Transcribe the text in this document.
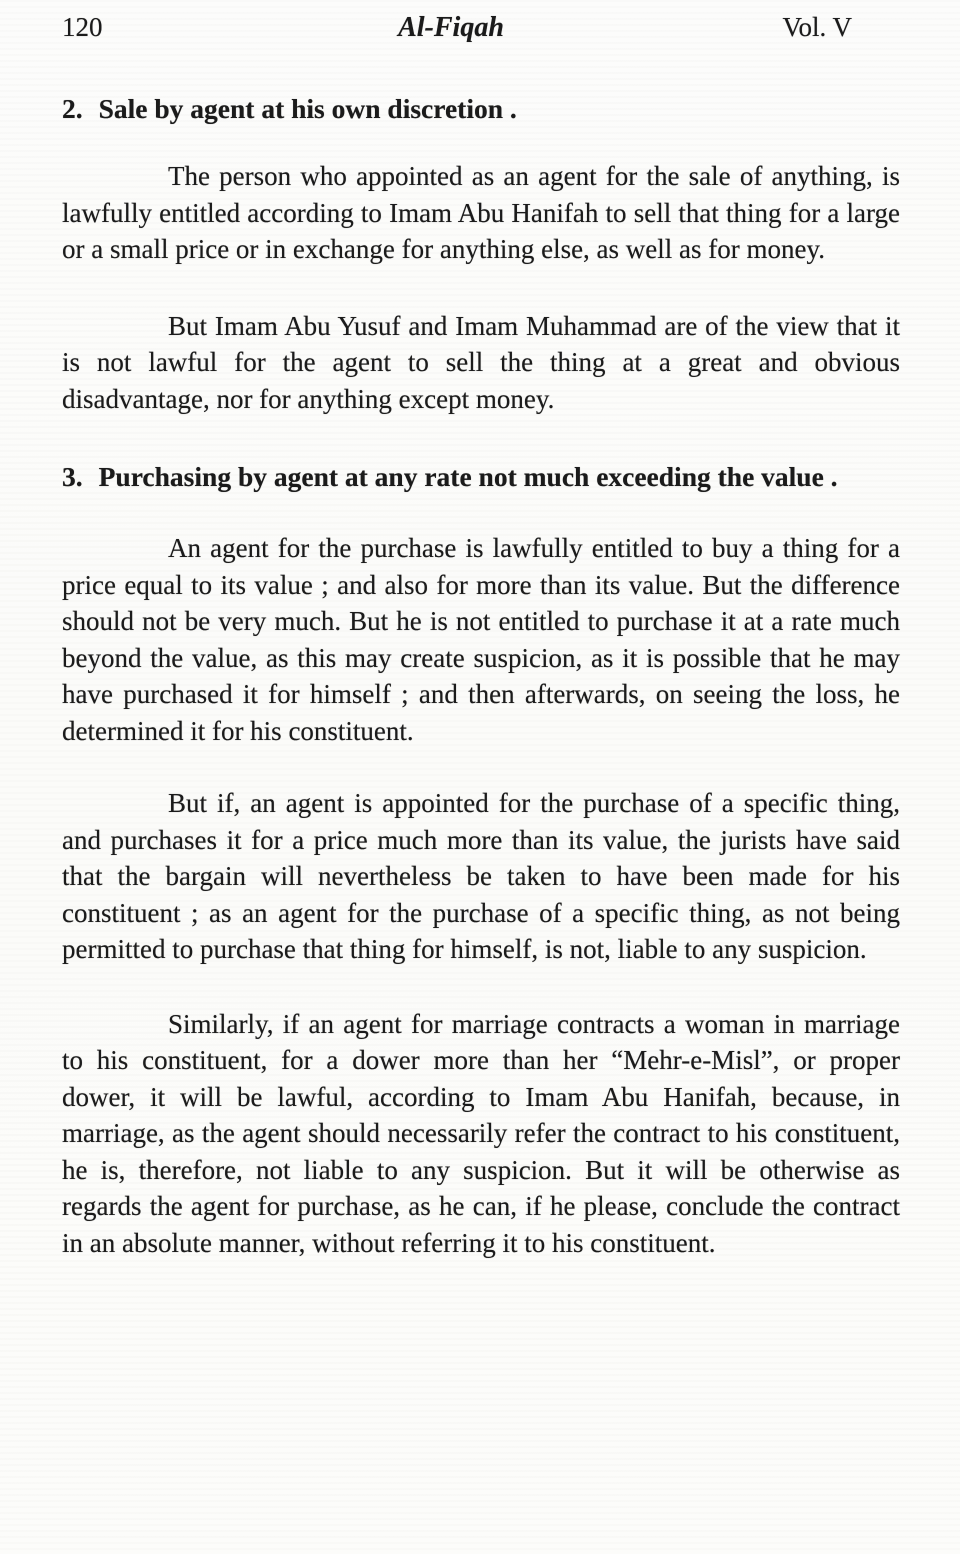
120	Al-Fiqah	Vol. V
2. Sale by agent at his own discretion .

The person who appointed as an agent for the sale of anything, is lawfully entitled according to Imam Abu Hanifah to sell that thing for a large or a small price or in exchange for anything else, as well as for money.

But Imam Abu Yusuf and Imam Muhammad are of the view that it is not lawful for the agent to sell the thing at a great and obvious disadvantage, nor for anything except money.

3. Purchasing by agent at any rate not much exceeding the value .

An agent for the purchase is lawfully entitled to buy a thing for a price equal to its value ; and also for more than its value. But the difference should not be very much. But he is not entitled to purchase it at a rate much beyond the value, as this may create suspicion, as it is possible that he may have purchased it for himself ; and then afterwards, on seeing the loss, he determined it for his constituent.

But if, an agent is appointed for the purchase of a specific thing, and purchases it for a price much more than its value, the jurists have said that the bargain will nevertheless be taken to have been made for his constituent ; as an agent for the purchase of a specific thing, as not being permitted to purchase that thing for himself, is not, liable to any suspicion.

Similarly, if an agent for marriage contracts a woman in marriage to his constituent, for a dower more than her “Mehr-e-Misl”, or proper dower, it will be lawful, according to Imam Abu Hanifah, because, in marriage, as the agent should necessarily refer the contract to his constituent, he is, therefore, not liable to any suspicion. But it will be otherwise as regards the agent for purchase, as he can, if he please, conclude the contract in an absolute manner, without referring it to his constituent.
